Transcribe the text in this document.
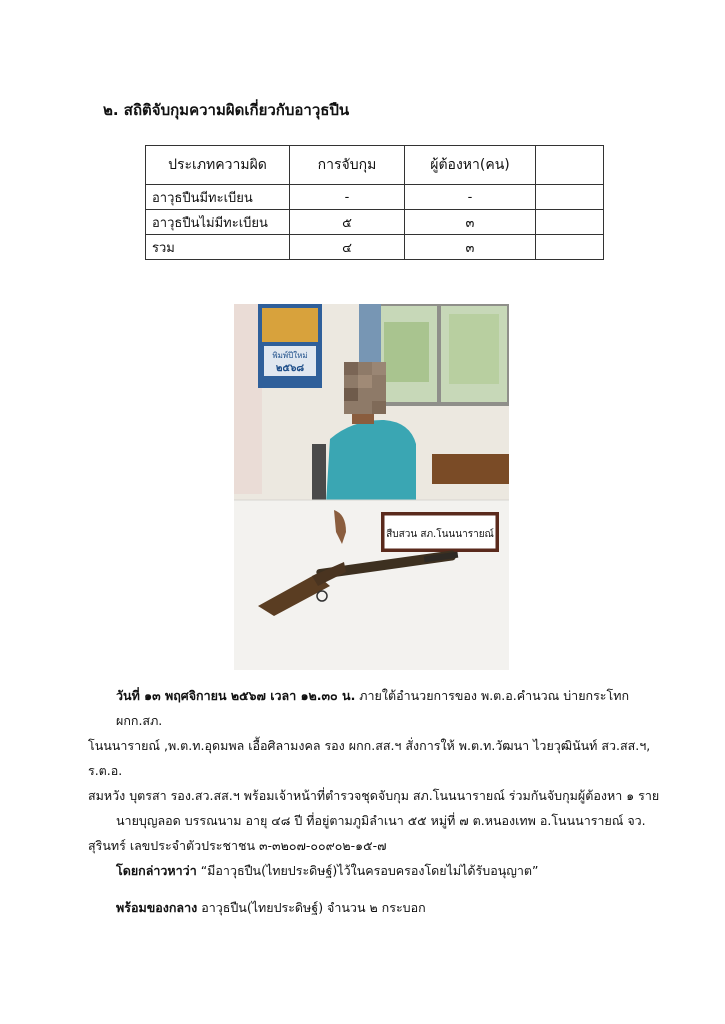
๒. สถิติจับกุมความผิดเกี่ยวกับอาวุธปืน
ประเภทความผิด	การจับกุม	ผู้ต้องหา(คน)	
อาวุธปืนมีทะเบียน	-	-	
อาวุธปืนไม่มีทะเบียน	๕	๓	
รวม	๔	๓	
พิมพ์ปีใหม่
๒๕๖๘
สืบสวน สภ.โนนนารายณ์

วันที่ ๑๓ พฤศจิกายน ๒๕๖๗ เวลา ๑๒.๓๐ น. ภายใต้อำนวยการของ พ.ต.อ.คำนวณ บ่ายกระโทก ผกก.สภ.

โนนนารายณ์ ,พ.ต.ท.อุดมพล เอื้อศิลามงคล รอง ผกก.สส.ฯ สั่งการให้ พ.ต.ท.วัฒนา ไวยวุฒินันท์ สว.สส.ฯ, ร.ต.อ.

สมหวัง บุตรสา รอง.สว.สส.ฯ พร้อมเจ้าหน้าที่ตำรวจชุดจับกุม สภ.โนนนารายณ์ ร่วมกันจับกุมผู้ต้องหา ๑ ราย

นายบุญลอด บรรณนาม อายุ ๔๘ ปี ที่อยู่ตามภูมิลำเนา ๕๕ หมู่ที่ ๗ ต.หนองเทพ อ.โนนนารายณ์ จว.

สุรินทร์ เลขประจำตัวประชาชน ๓-๓๒๐๗-๐๐๙๐๒-๑๕-๗

โดยกล่าวหาว่า “มีอาวุธปืน(ไทยประดิษฐ์)ไว้ในครอบครองโดยไม่ได้รับอนุญาต”

พร้อมของกลาง อาวุธปืน(ไทยประดิษฐ์) จำนวน ๒ กระบอก
